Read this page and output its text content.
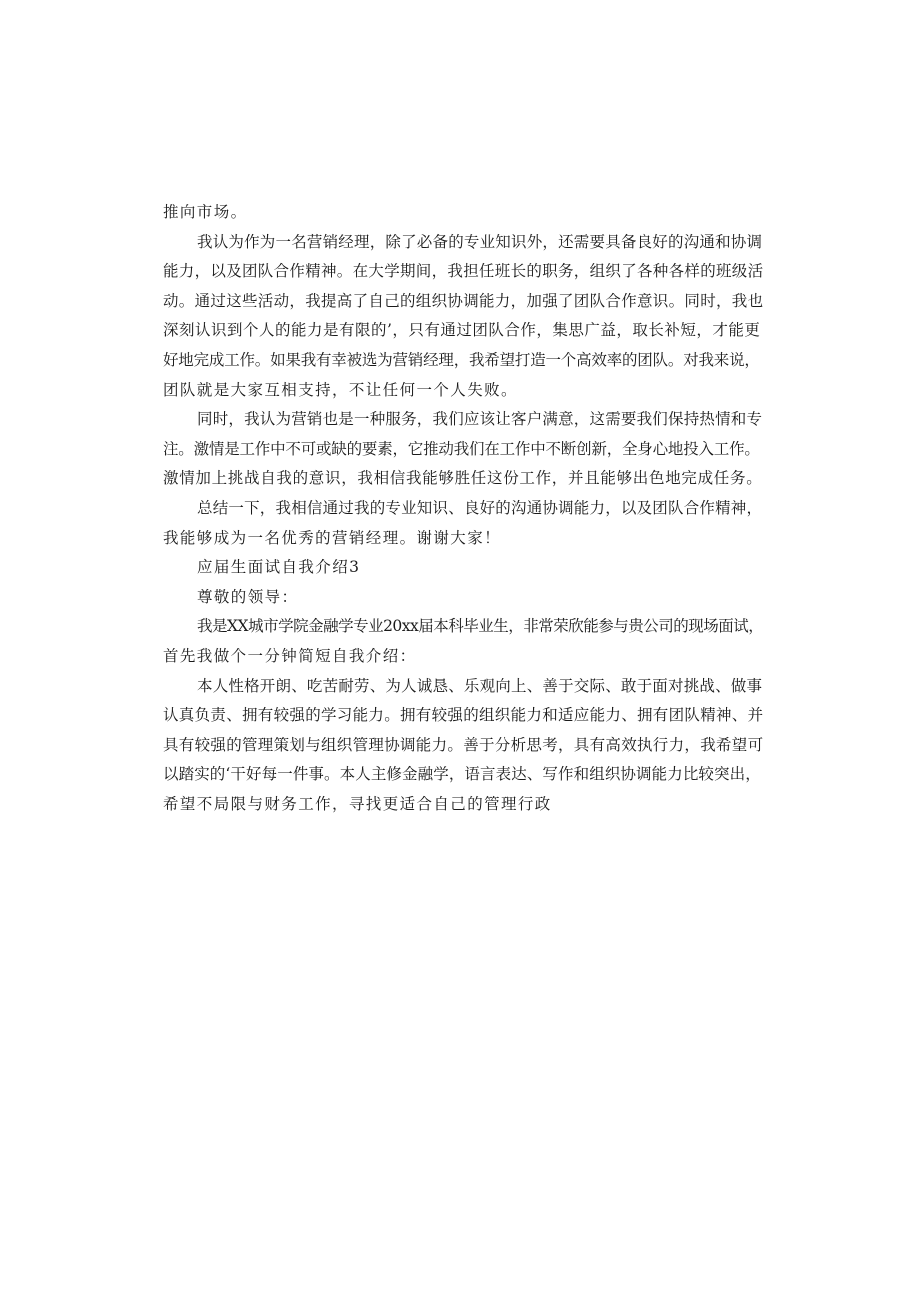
推向市场。
我认为作为一名营销经理，除了必备的专业知识外，还需要具备良好的沟通和协调
能力，以及团队合作精神。在大学期间，我担任班长的职务，组织了各种各样的班级活
动。通过这些活动，我提高了自己的组织协调能力，加强了团队合作意识。同时，我也
深刻认识到个人的能力是有限的’，只有通过团队合作，集思广益，取长补短，才能更
好地完成工作。如果我有幸被选为营销经理，我希望打造一个高效率的团队。对我来说，
团队就是大家互相支持，不让任何一个人失败。
同时，我认为营销也是一种服务，我们应该让客户满意，这需要我们保持热情和专
注。激情是工作中不可或缺的要素，它推动我们在工作中不断创新，全身心地投入工作。
激情加上挑战自我的意识，我相信我能够胜任这份工作，并且能够出色地完成任务。
总结一下，我相信通过我的专业知识、良好的沟通协调能力，以及团队合作精神，
我能够成为一名优秀的营销经理。谢谢大家！
应届生面试自我介绍3
尊敬的领导：
我是XX城市学院金融学专业20xx届本科毕业生，非常荣欣能参与贵公司的现场面试，
首先我做个一分钟简短自我介绍：
本人性格开朗、吃苦耐劳、为人诚恳、乐观向上、善于交际、敢于面对挑战、做事
认真负责、拥有较强的学习能力。拥有较强的组织能力和适应能力、拥有团队精神、并
具有较强的管理策划与组织管理协调能力。善于分析思考，具有高效执行力，我希望可
以踏实的‘干好每一件事。本人主修金融学，语言表达、写作和组织协调能力比较突出，
希望不局限与财务工作，寻找更适合自己的管理行政
